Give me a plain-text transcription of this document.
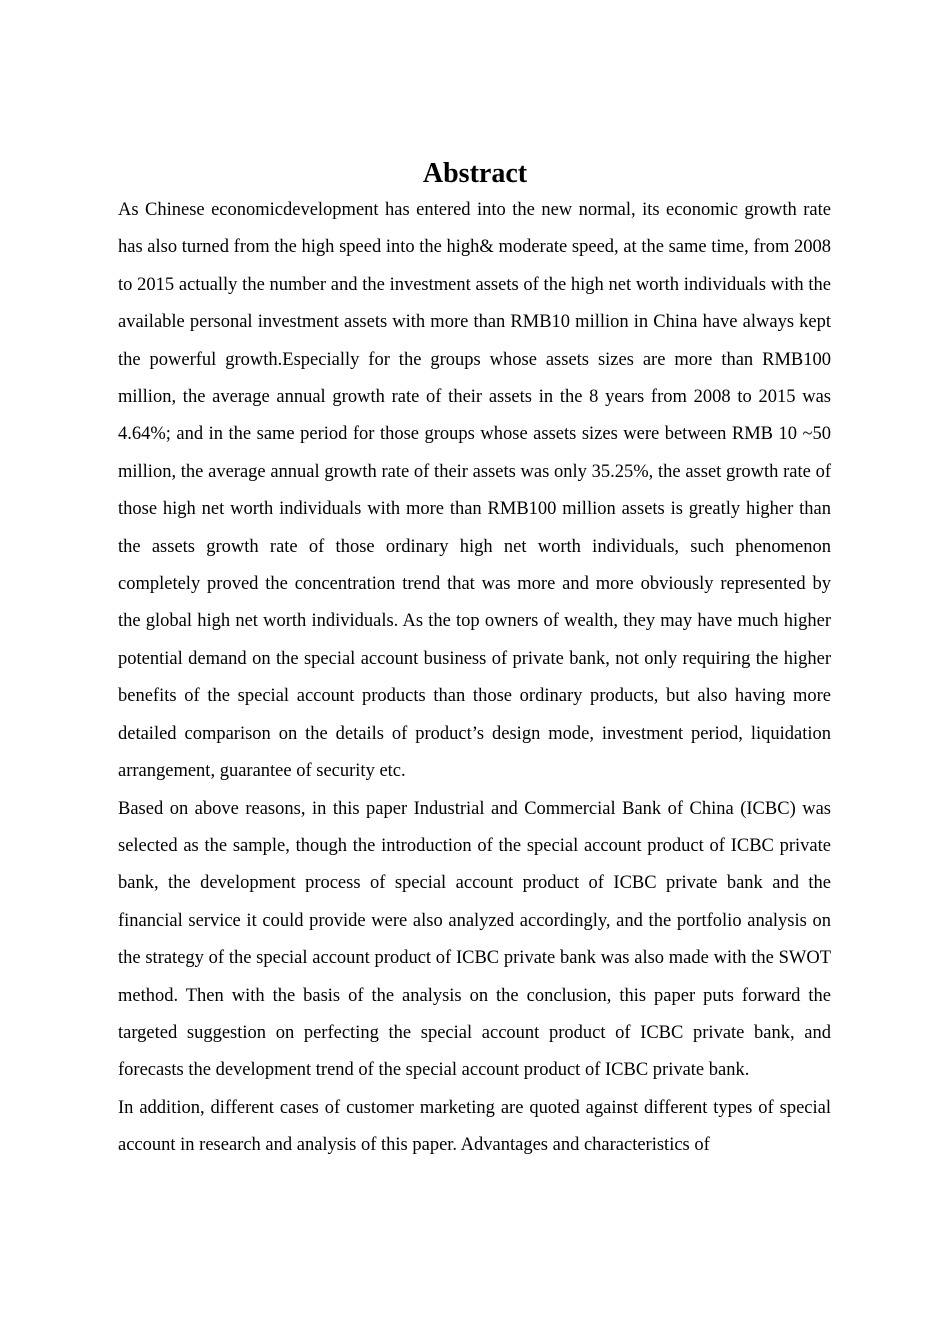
Abstract

As Chinese economicdevelopment has entered into the new normal, its economic growth rate has also turned from the high speed into the high& moderate speed, at the same time, from 2008 to 2015 actually the number and the investment assets of the high net worth individuals with the available personal investment assets with more than RMB10 million in China have always kept the powerful growth.Especially for the groups whose assets sizes are more than RMB100 million, the average annual growth rate of their assets in the 8 years from 2008 to 2015 was 4.64%; and in the same period for those groups whose assets sizes were between RMB 10 ~50 million, the average annual growth rate of their assets was only 35.25%, the asset growth rate of those high net worth individuals with more than RMB100 million assets is greatly higher than the assets growth rate of those ordinary high net worth individuals, such phenomenon completely proved the concentration trend that was more and more obviously represented by the global high net worth individuals. As the top owners of wealth, they may have much higher potential demand on the special account business of private bank, not only requiring the higher benefits of the special account products than those ordinary products, but also having more detailed comparison on the details of product’s design mode, investment period, liquidation arrangement, guarantee of security etc.

Based on above reasons, in this paper Industrial and Commercial Bank of China (ICBC) was selected as the sample, though the introduction of the special account product of ICBC private bank, the development process of special account product of ICBC private bank and the financial service it could provide were also analyzed accordingly, and the portfolio analysis on the strategy of the special account product of ICBC private bank was also made with the SWOT method. Then with the basis of the analysis on the conclusion, this paper puts forward the targeted suggestion on perfecting the special account product of ICBC private bank, and forecasts the development trend of the special account product of ICBC private bank.

In addition, different cases of customer marketing are quoted against different types of special account in research and analysis of this paper. Advantages and characteristics of
